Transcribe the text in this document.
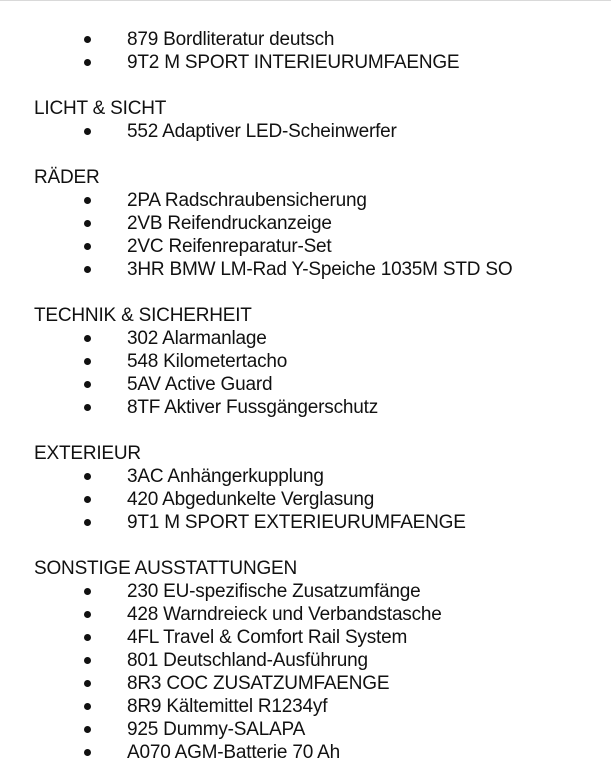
879 Bordliteratur deutsch
9T2 M SPORT INTERIEURUMFAENGE
LICHT & SICHT
552 Adaptiver LED-Scheinwerfer
RÄDER
2PA Radschraubensicherung
2VB Reifendruckanzeige
2VC Reifenreparatur-Set
3HR BMW LM-Rad Y-Speiche 1035M STD SO
TECHNIK & SICHERHEIT
302 Alarmanlage
548 Kilometertacho
5AV Active Guard
8TF Aktiver Fussgängerschutz
EXTERIEUR
3AC Anhängerkupplung
420 Abgedunkelte Verglasung
9T1 M SPORT EXTERIEURUMFAENGE
SONSTIGE AUSSTATTUNGEN
230 EU-spezifische Zusatzumfänge
428 Warndreieck und Verbandstasche
4FL Travel & Comfort Rail System
801 Deutschland-Ausführung
8R3 COC ZUSATZUMFAENGE
8R9 Kältemittel R1234yf
925 Dummy-SALAPA
A070 AGM-Batterie 70 Ah
